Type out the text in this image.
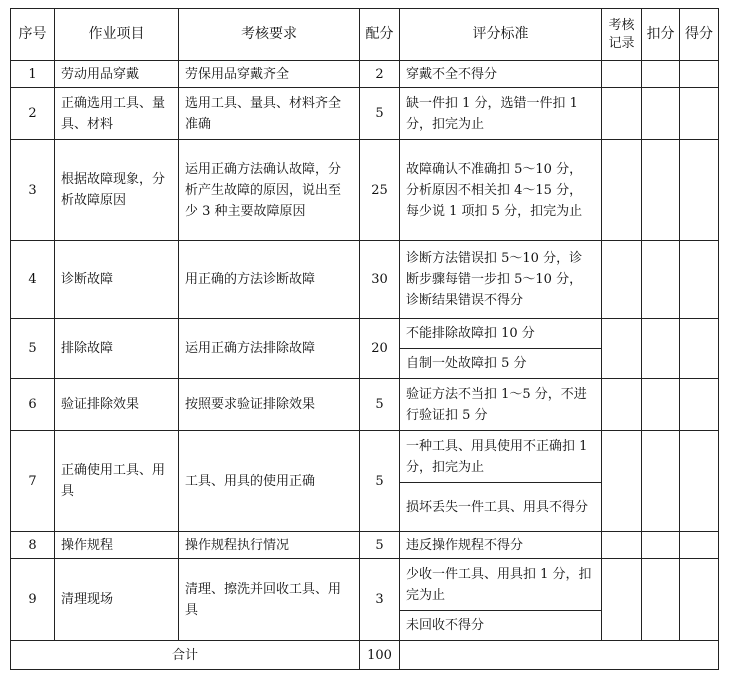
序号	作业项目	考核要求	配分	评分标准	考核记录	扣分	得分
1	劳动用品穿戴	劳保用品穿戴齐全	2	穿戴不全不得分			
2	正确选用工具、量具、材料	选用工具、量具、材料齐全准确	5	缺一件扣 1 分，选错一件扣 1 分，扣完为止			
3	根据故障现象，分析故障原因	运用正确方法确认故障，分析产生故障的原因，说出至少 3 种主要故障原因	25	故障确认不准确扣 5～10 分，分析原因不相关扣 4～15 分，每少说 1 项扣 5 分，扣完为止			
4	诊断故障	用正确的方法诊断故障	30	诊断方法错误扣 5～10 分，诊断步骤每错一步扣 5～10 分，诊断结果错误不得分			
5	排除故障	运用正确方法排除故障	20	不能排除故障扣 10 分			
				自制一处故障扣 5 分			
6	验证排除效果	按照要求验证排除效果	5	验证方法不当扣 1～5 分，不进行验证扣 5 分			
7	正确使用工具、用具	工具、用具的使用正确	5	一种工具、用具使用不正确扣 1 分，扣完为止			
				损坏丢失一件工具、用具不得分			
8	操作规程	操作规程执行情况	5	违反操作规程不得分			
9	清理现场	清理、擦洗并回收工具、用具	3	少收一件工具、用具扣 1 分，扣完为止			
				未回收不得分			
合计			100				
